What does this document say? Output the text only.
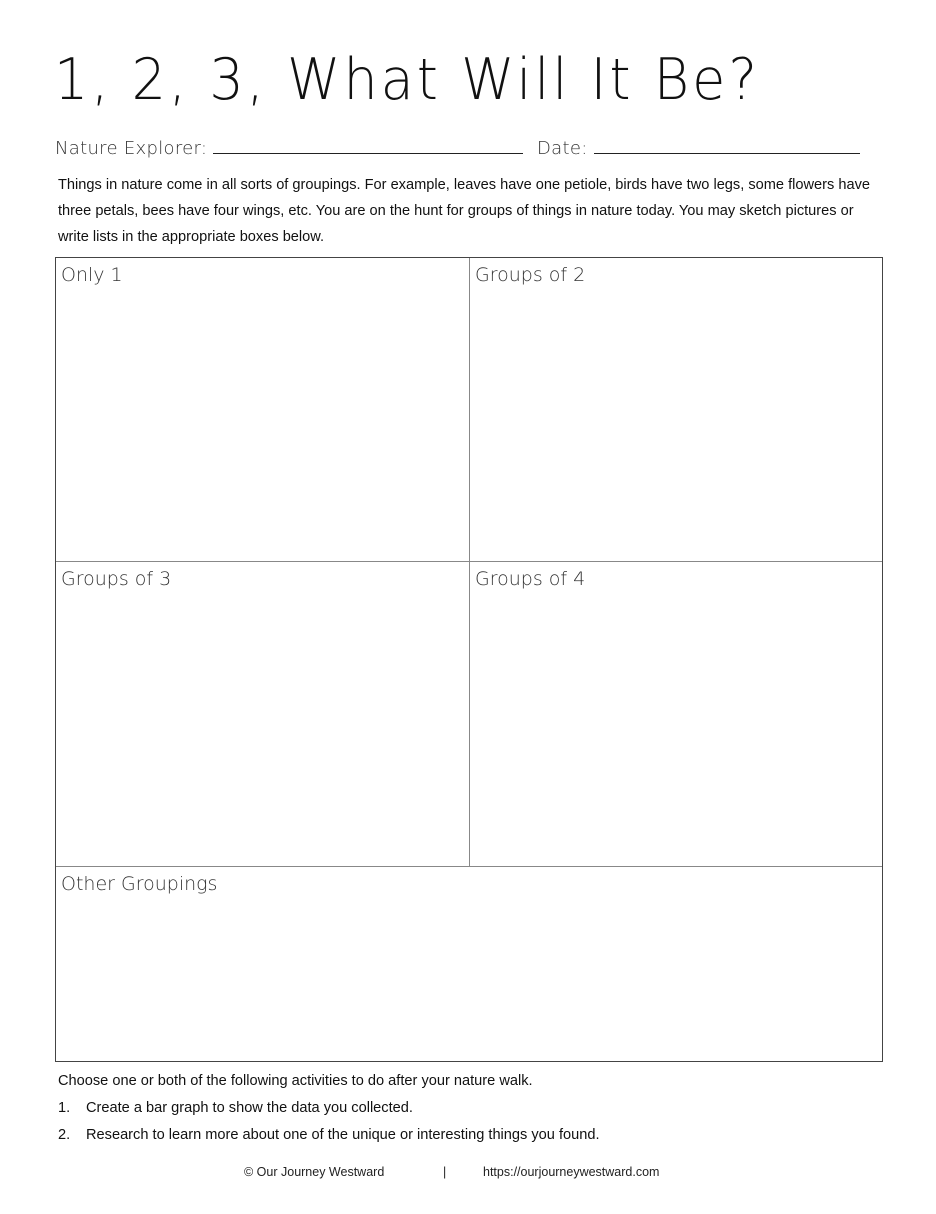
1, 2, 3, What Will It Be?
Nature Explorer:	Date:

Things in nature come in all sorts of groupings. For example, leaves have one petiole, birds have two legs, some flowers have three petals, bees have four wings, etc. You are on the hunt for groups of things in nature today. You may sketch pictures or write lists in the appropriate boxes below.

Only 1	Groups of 2
Groups of 3	Groups of 4
Other Groupings

Choose one or both of the following activities to do after your nature walk.

1. Create a bar graph to show the data you collected.
2. Research to learn more about one of the unique or interesting things you found.
© Our Journey Westward	|	https://ourjourneywestward.com
